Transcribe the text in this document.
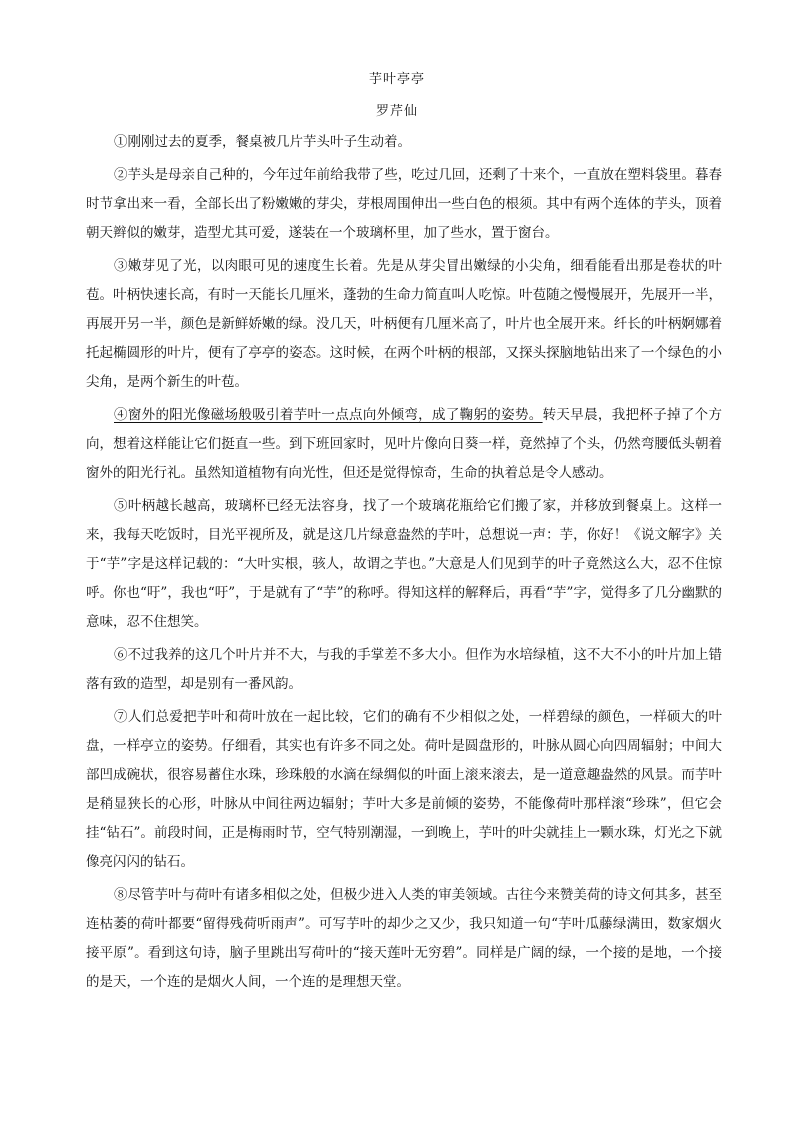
芋叶亭亭
罗芹仙

①刚刚过去的夏季，餐桌被几片芋头叶子生动着。

②芋头是母亲自己种的，今年过年前给我带了些，吃过几回，还剩了十来个，一直放在塑料袋里。暮春时节拿出来一看，全部长出了粉嫩嫩的芽尖，芽根周围伸出一些白色的根须。其中有两个连体的芋头，顶着朝天辫似的嫩芽，造型尤其可爱，遂装在一个玻璃杯里，加了些水，置于窗台。

③嫩芽见了光，以肉眼可见的速度生长着。先是从芽尖冒出嫩绿的小尖角，细看能看出那是卷状的叶苞。叶柄快速长高，有时一天能长几厘米，蓬勃的生命力简直叫人吃惊。叶苞随之慢慢展开，先展开一半，再展开另一半，颜色是新鲜娇嫩的绿。没几天，叶柄便有几厘米高了，叶片也全展开来。纤长的叶柄婀娜着托起椭圆形的叶片，便有了亭亭的姿态。这时候，在两个叶柄的根部，又探头探脑地钻出来了一个绿色的小尖角，是两个新生的叶苞。

④窗外的阳光像磁场般吸引着芋叶一点点向外倾弯，成了鞠躬的姿势。转天早晨，我把杯子掉了个方向，想着这样能让它们挺直一些。到下班回家时，见叶片像向日葵一样，竟然掉了个头，仍然弯腰低头朝着窗外的阳光行礼。虽然知道植物有向光性，但还是觉得惊奇，生命的执着总是令人感动。

⑤叶柄越长越高，玻璃杯已经无法容身，找了一个玻璃花瓶给它们搬了家，并移放到餐桌上。这样一来，我每天吃饭时，目光平视所及，就是这几片绿意盎然的芋叶，总想说一声：芋，你好！《说文解字》关于“芋”字是这样记载的：“大叶实根，骇人，故谓之芋也。”大意是人们见到芋的叶子竟然这么大，忍不住惊呼。你也“吁”，我也“吁”，于是就有了“芋”的称呼。得知这样的解释后，再看“芋”字，觉得多了几分幽默的意味，忍不住想笑。

⑥不过我养的这几个叶片并不大，与我的手掌差不多大小。但作为水培绿植，这不大不小的叶片加上错落有致的造型，却是别有一番风韵。

⑦人们总爱把芋叶和荷叶放在一起比较，它们的确有不少相似之处，一样碧绿的颜色，一样硕大的叶盘，一样亭立的姿势。仔细看，其实也有许多不同之处。荷叶是圆盘形的，叶脉从圆心向四周辐射；中间大部凹成碗状，很容易蓄住水珠，珍珠般的水滴在绿绸似的叶面上滚来滚去，是一道意趣盎然的风景。而芋叶是稍显狭长的心形，叶脉从中间往两边辐射；芋叶大多是前倾的姿势，不能像荷叶那样滚“珍珠”，但它会挂“钻石”。前段时间，正是梅雨时节，空气特别潮湿，一到晚上，芋叶的叶尖就挂上一颗水珠，灯光之下就像亮闪闪的钻石。

⑧尽管芋叶与荷叶有诸多相似之处，但极少进入人类的审美领域。古往今来赞美荷的诗文何其多，甚至连枯萎的荷叶都要“留得残荷听雨声”。可写芋叶的却少之又少，我只知道一句“芋叶瓜藤绿满田，数家烟火接平原”。看到这句诗，脑子里跳出写荷叶的“接天莲叶无穷碧”。同样是广阔的绿，一个接的是地，一个接的是天，一个连的是烟火人间，一个连的是理想天堂。
